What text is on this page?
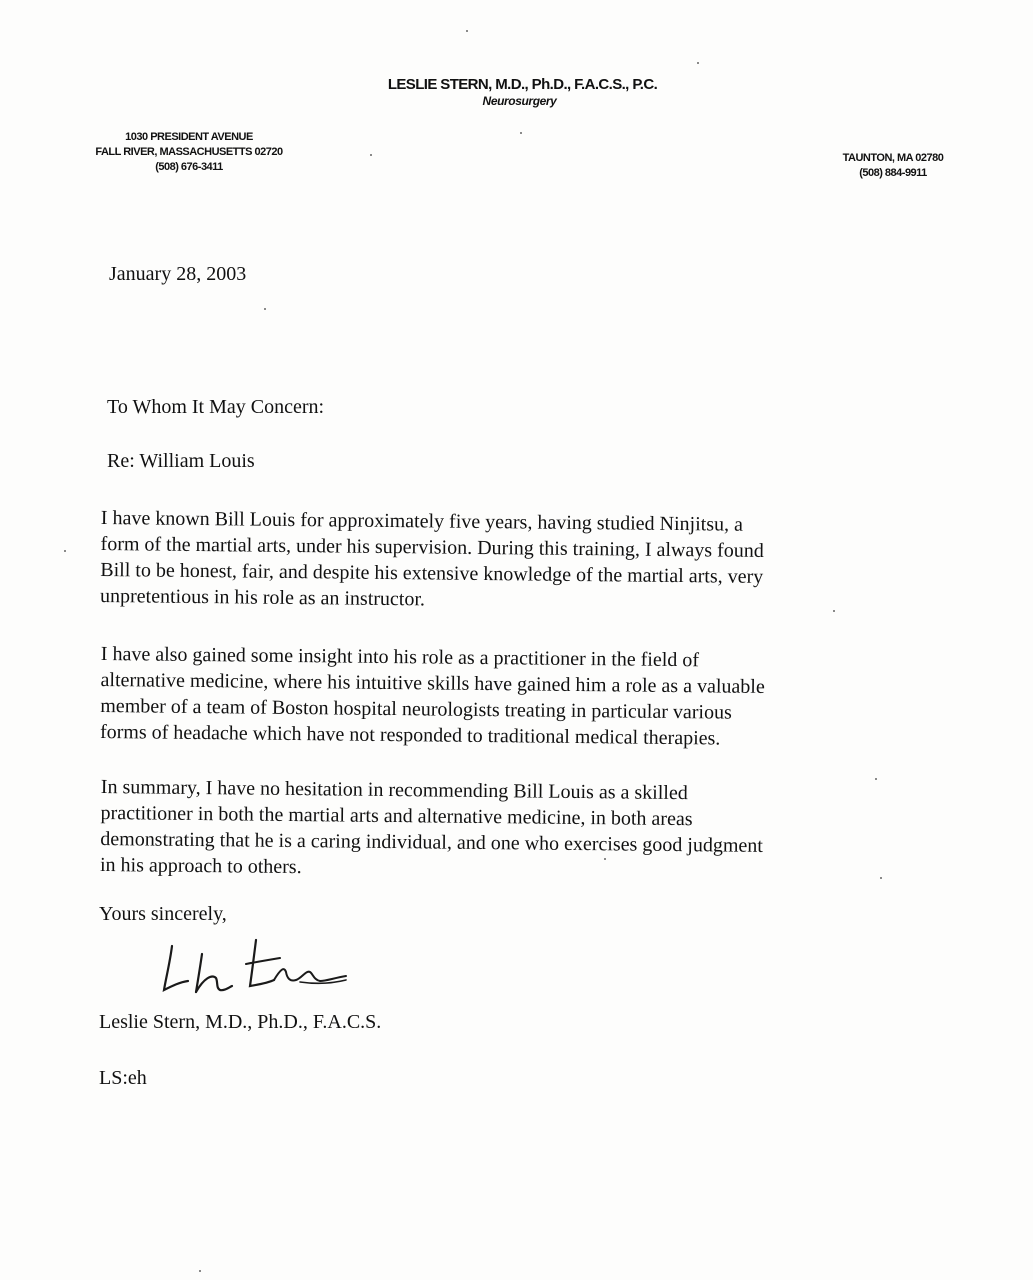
LESLIE STERN, M.D., Ph.D., F.A.C.S., P.C.
Neurosurgery
1030 PRESIDENT AVENUE
FALL RIVER, MASSACHUSETTS 02720
(508) 676-3411
TAUNTON, MA 02780
(508) 884-9911
January 28, 2003
To Whom It May Concern:
Re: William Louis
I have known Bill Louis for approximately five years, having studied Ninjitsu, a
form of the martial arts, under his supervision. During this training, I always found
Bill to be honest, fair, and despite his extensive knowledge of the martial arts, very
unpretentious in his role as an instructor.
I have also gained some insight into his role as a practitioner in the field of
alternative medicine, where his intuitive skills have gained him a role as a valuable
member of a team of Boston hospital neurologists treating in particular various
forms of headache which have not responded to traditional medical therapies.
In summary, I have no hesitation in recommending Bill Louis as a skilled
practitioner in both the martial arts and alternative medicine, in both areas
demonstrating that he is a caring individual, and one who exercises good judgment
in his approach to others.
Yours sincerely,
Leslie Stern, M.D., Ph.D., F.A.C.S.
LS:eh
